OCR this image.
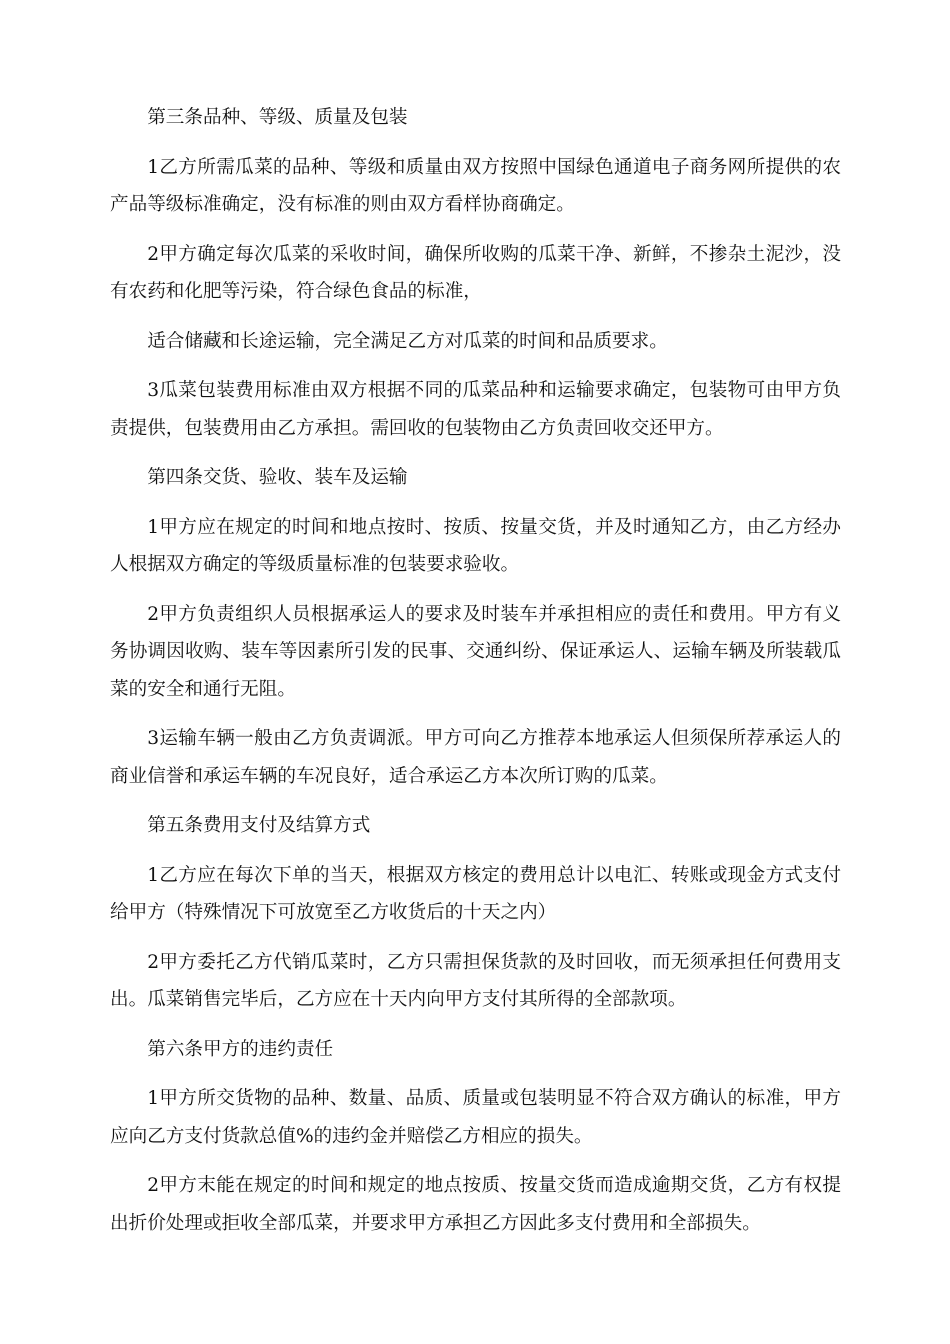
第三条品种、等级、质量及包装

1乙方所需瓜菜的品种、等级和质量由双方按照中国绿色通道电子商务网所提供的农产品等级标准确定，没有标准的则由双方看样协商确定。

2甲方确定每次瓜菜的采收时间，确保所收购的瓜菜干净、新鲜，不掺杂土泥沙，没有农药和化肥等污染，符合绿色食品的标准，

适合储藏和长途运输，完全满足乙方对瓜菜的时间和品质要求。

3瓜菜包装费用标准由双方根据不同的瓜菜品种和运输要求确定，包装物可由甲方负责提供，包装费用由乙方承担。需回收的包装物由乙方负责回收交还甲方。

第四条交货、验收、装车及运输

1甲方应在规定的时间和地点按时、按质、按量交货，并及时通知乙方，由乙方经办人根据双方确定的等级质量标准的包装要求验收。

2甲方负责组织人员根据承运人的要求及时装车并承担相应的责任和费用。甲方有义务协调因收购、装车等因素所引发的民事、交通纠纷、保证承运人、运输车辆及所装载瓜菜的安全和通行无阻。

3运输车辆一般由乙方负责调派。甲方可向乙方推荐本地承运人但须保所荐承运人的商业信誉和承运车辆的车况良好，适合承运乙方本次所订购的瓜菜。

第五条费用支付及结算方式

1乙方应在每次下单的当天，根据双方核定的费用总计以电汇、转账或现金方式支付给甲方（特殊情况下可放宽至乙方收货后的十天之内）

2甲方委托乙方代销瓜菜时，乙方只需担保货款的及时回收，而无须承担任何费用支出。瓜菜销售完毕后，乙方应在十天内向甲方支付其所得的全部款项。

第六条甲方的违约责任

1甲方所交货物的品种、数量、品质、质量或包装明显不符合双方确认的标准，甲方应向乙方支付货款总值%的违约金并赔偿乙方相应的损失。

2甲方末能在规定的时间和规定的地点按质、按量交货而造成逾期交货，乙方有权提出折价处理或拒收全部瓜菜，并要求甲方承担乙方因此多支付费用和全部损失。
